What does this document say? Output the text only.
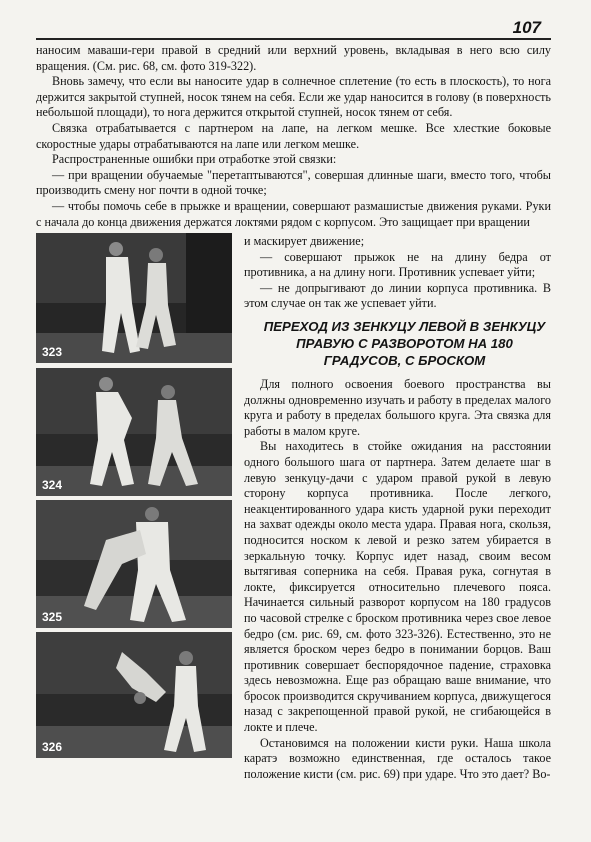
107

наносим маваши-гери правой в средний или верхний уровень, вкладывая в него всю силу вращения. (См. рис. 68, см. фото 319-322).

Вновь замечу, что если вы наносите удар в солнечное сплетение (то есть в плоскость), то нога держится закрытой ступней, носок тянем на себя. Если же удар наносится в голову (в поверхность небольшой площади), то нога держится открытой ступней, носок тянем от себя.

Связка отрабатывается с партнером на лапе, на легком мешке. Все хлесткие боковые скоростные удары отрабатываются на лапе или легком мешке.

Распространенные ошибки при отработке этой связки:

— при вращении обучаемые "перетаптываются", совершая длинные шаги, вместо того, чтобы производить смену ног почти в одной точке;

— чтобы помочь себе в прыжке и вращении, совершают размашистые движения руками. Руки с начала до конца движения держатся локтями рядом с корпусом. Это защищает при вращении

и маскирует движение;

— совершают прыжок не на длину бедра от противника, а на длину ноги. Противник успевает уйти;

— не допрыгивают до линии корпуса противника. В этом случае он так же успевает уйти.

ПЕРЕХОД ИЗ ЗЕНКУЦУ ЛЕВОЙ В ЗЕНКУЦУ ПРАВУЮ С РАЗВОРОТОМ НА 180 ГРАДУСОВ, С БРОСКОМ

Для полного освоения боевого пространства вы должны одновременно изучать и работу в пределах малого круга и работу в пределах большого круга. Эта связка для работы в малом круге.

Вы находитесь в стойке ожидания на расстоянии одного большого шага от партнера. Затем делаете шаг в левую зенкуцу-дачи с ударом правой рукой в левую сторону корпуса противника. После легкого, неакцентированного удара кисть ударной руки переходит на захват одежды около места удара. Правая нога, скользя, подносится носком к левой и резко затем убирается в зеркальную точку. Корпус идет назад, своим весом вытягивая соперника на себя. Правая рука, согнутая в локте, фиксируется относительно плечевого пояса. Начинается сильный разворот корпусом на 180 градусов по часовой стрелке с броском противника через свое левое бедро (см. рис. 69, см. фото 323-326). Естественно, это не является броском через бедро в понимании борцов. Ваш противник совершает беспорядочное падение, страховка здесь невозможна. Еще раз обращаю ваше внимание, что бросок производится скручиванием корпуса, движущегося назад с закрепощенной правой рукой, не сгибающейся в локте и плече.

Остановимся на положении кисти руки. Наша школа каратэ возможно единственная, где осталось такое положение кисти (см. рис. 69) при ударе. Что это дает? Во-

323
324
325
326
